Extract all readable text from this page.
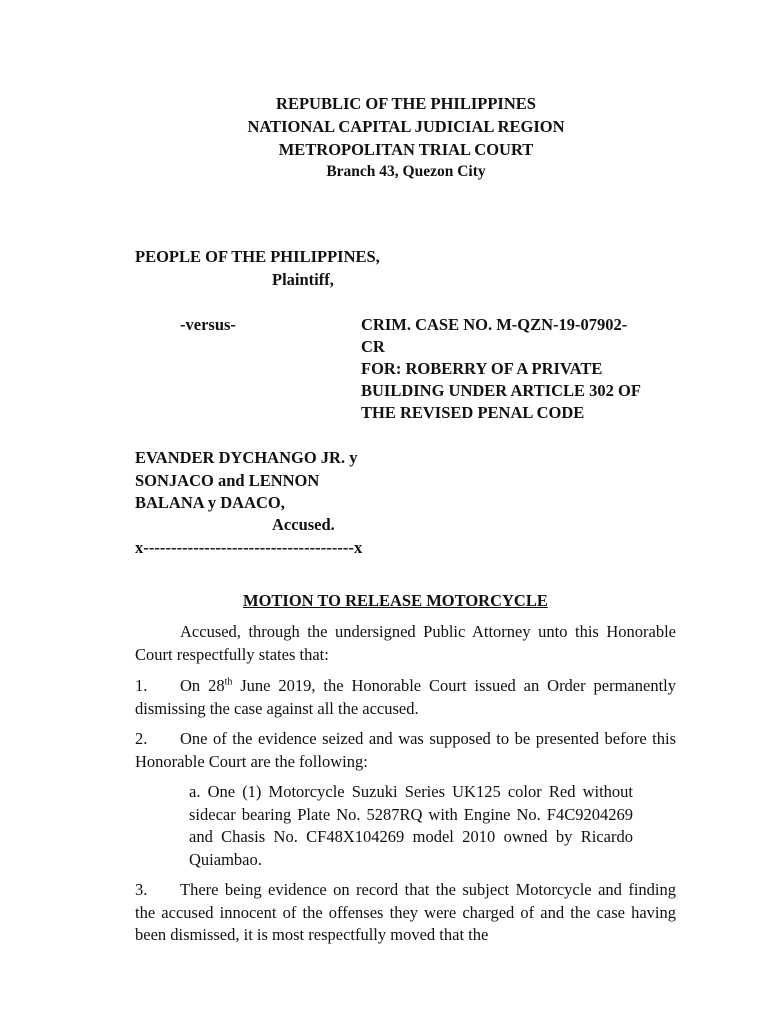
REPUBLIC OF THE PHILIPPINES
NATIONAL CAPITAL JUDICIAL REGION
METROPOLITAN TRIAL COURT
Branch 43, Quezon City
PEOPLE OF THE PHILIPPINES,
Plaintiff,
-versus-	CRIM. CASE NO. M-QZN-19-07902-
CR
FOR: ROBERRY OF A PRIVATE
BUILDING UNDER ARTICLE 302 OF
THE REVISED PENAL CODE
EVANDER DYCHANGO JR. y
SONJACO and LENNON
BALANA y DAACO,
Accused.
x--------------------------------------x
MOTION TO RELEASE MOTORCYCLE
Accused, through the undersigned Public Attorney unto this Honorable Court respectfully states that:
1. On 28th June 2019, the Honorable Court issued an Order permanently dismissing the case against all the accused.
2. One of the evidence seized and was supposed to be presented before this Honorable Court are the following:
a. One (1) Motorcycle Suzuki Series UK125 color Red without sidecar bearing Plate No. 5287RQ with Engine No. F4C9204269 and Chasis No. CF48X104269 model 2010 owned by Ricardo Quiambao.
3. There being evidence on record that the subject Motorcycle and finding the accused innocent of the offenses they were charged of and the case having been dismissed, it is most respectfully moved that the
